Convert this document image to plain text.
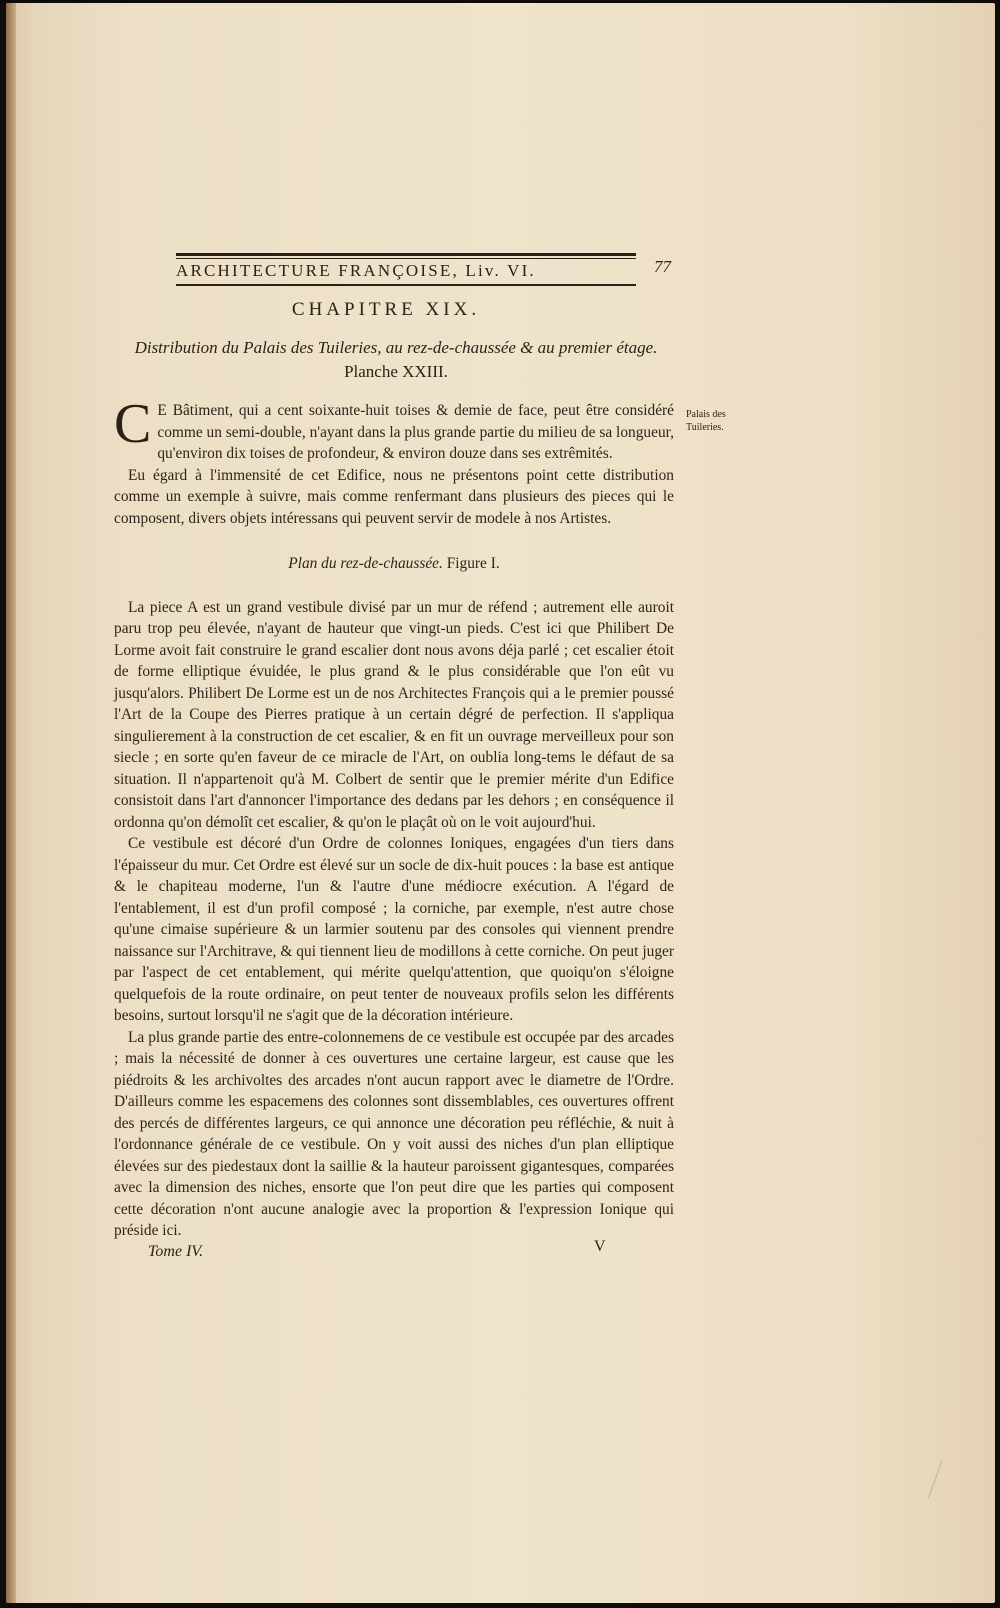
ARCHITECTURE FRANÇOISE, Liv. VI.	77
CHAPITRE XIX.
Distribution du Palais des Tuileries, au rez-de-chaussée & au premier étage. Planche XXIII.
Palais des Tuileries.

C E Bâtiment, qui a cent soixante-huit toises & demie de face, peut être considéré comme un semi-double, n'ayant dans la plus grande partie du milieu de sa longueur, qu'environ dix toises de profondeur, & environ douze dans ses extrêmités.

Eu égard à l'immensité de cet Edifice, nous ne présentons point cette distribution comme un exemple à suivre, mais comme renfermant dans plusieurs des pieces qui le composent, divers objets intéressans qui peuvent servir de modele à nos Artistes.

Plan du rez-de-chaussée. Figure I.

La piece A est un grand vestibule divisé par un mur de réfend ; autrement elle auroit paru trop peu élevée, n'ayant de hauteur que vingt-un pieds. C'est ici que Philibert De Lorme avoit fait construire le grand escalier dont nous avons déja parlé ; cet escalier étoit de forme elliptique évuidée, le plus grand & le plus considérable que l'on eût vu jusqu'alors. Philibert De Lorme est un de nos Architectes François qui a le premier poussé l'Art de la Coupe des Pierres pratique à un certain dégré de perfection. Il s'appliqua singulierement à la construction de cet escalier, & en fit un ouvrage merveilleux pour son siecle ; en sorte qu'en faveur de ce miracle de l'Art, on oublia long-tems le défaut de sa situation. Il n'appartenoit qu'à M. Colbert de sentir que le premier mérite d'un Edifice consistoit dans l'art d'annoncer l'importance des dedans par les dehors ; en conséquence il ordonna qu'on démolît cet escalier, & qu'on le plaçât où on le voit aujourd'hui.

Ce vestibule est décoré d'un Ordre de colonnes Ioniques, engagées d'un tiers dans l'épaisseur du mur. Cet Ordre est élevé sur un socle de dix-huit pouces : la base est antique & le chapiteau moderne, l'un & l'autre d'une médiocre exécution. A l'égard de l'entablement, il est d'un profil composé ; la corniche, par exemple, n'est autre chose qu'une cimaise supérieure & un larmier soutenu par des consoles qui viennent prendre naissance sur l'Architrave, & qui tiennent lieu de modillons à cette corniche. On peut juger par l'aspect de cet entablement, qui mérite quelqu'attention, que quoiqu'on s'éloigne quelquefois de la route ordinaire, on peut tenter de nouveaux profils selon les différents besoins, surtout lorsqu'il ne s'agit que de la décoration intérieure.

La plus grande partie des entre-colonnemens de ce vestibule est occupée par des arcades ; mais la nécessité de donner à ces ouvertures une certaine largeur, est cause que les piédroits & les archivoltes des arcades n'ont aucun rapport avec le diametre de l'Ordre. D'ailleurs comme les espacemens des colonnes sont dissemblables, ces ouvertures offrent des percés de différentes largeurs, ce qui annonce une décoration peu réfléchie, & nuit à l'ordonnance générale de ce vestibule. On y voit aussi des niches d'un plan elliptique élevées sur des piedestaux dont la saillie & la hauteur paroissent gigantesques, comparées avec la dimension des niches, ensorte que l'on peut dire que les parties qui composent cette décoration n'ont aucune analogie avec la proportion & l'expression Ionique qui préside ici.

Tome IV.	V
